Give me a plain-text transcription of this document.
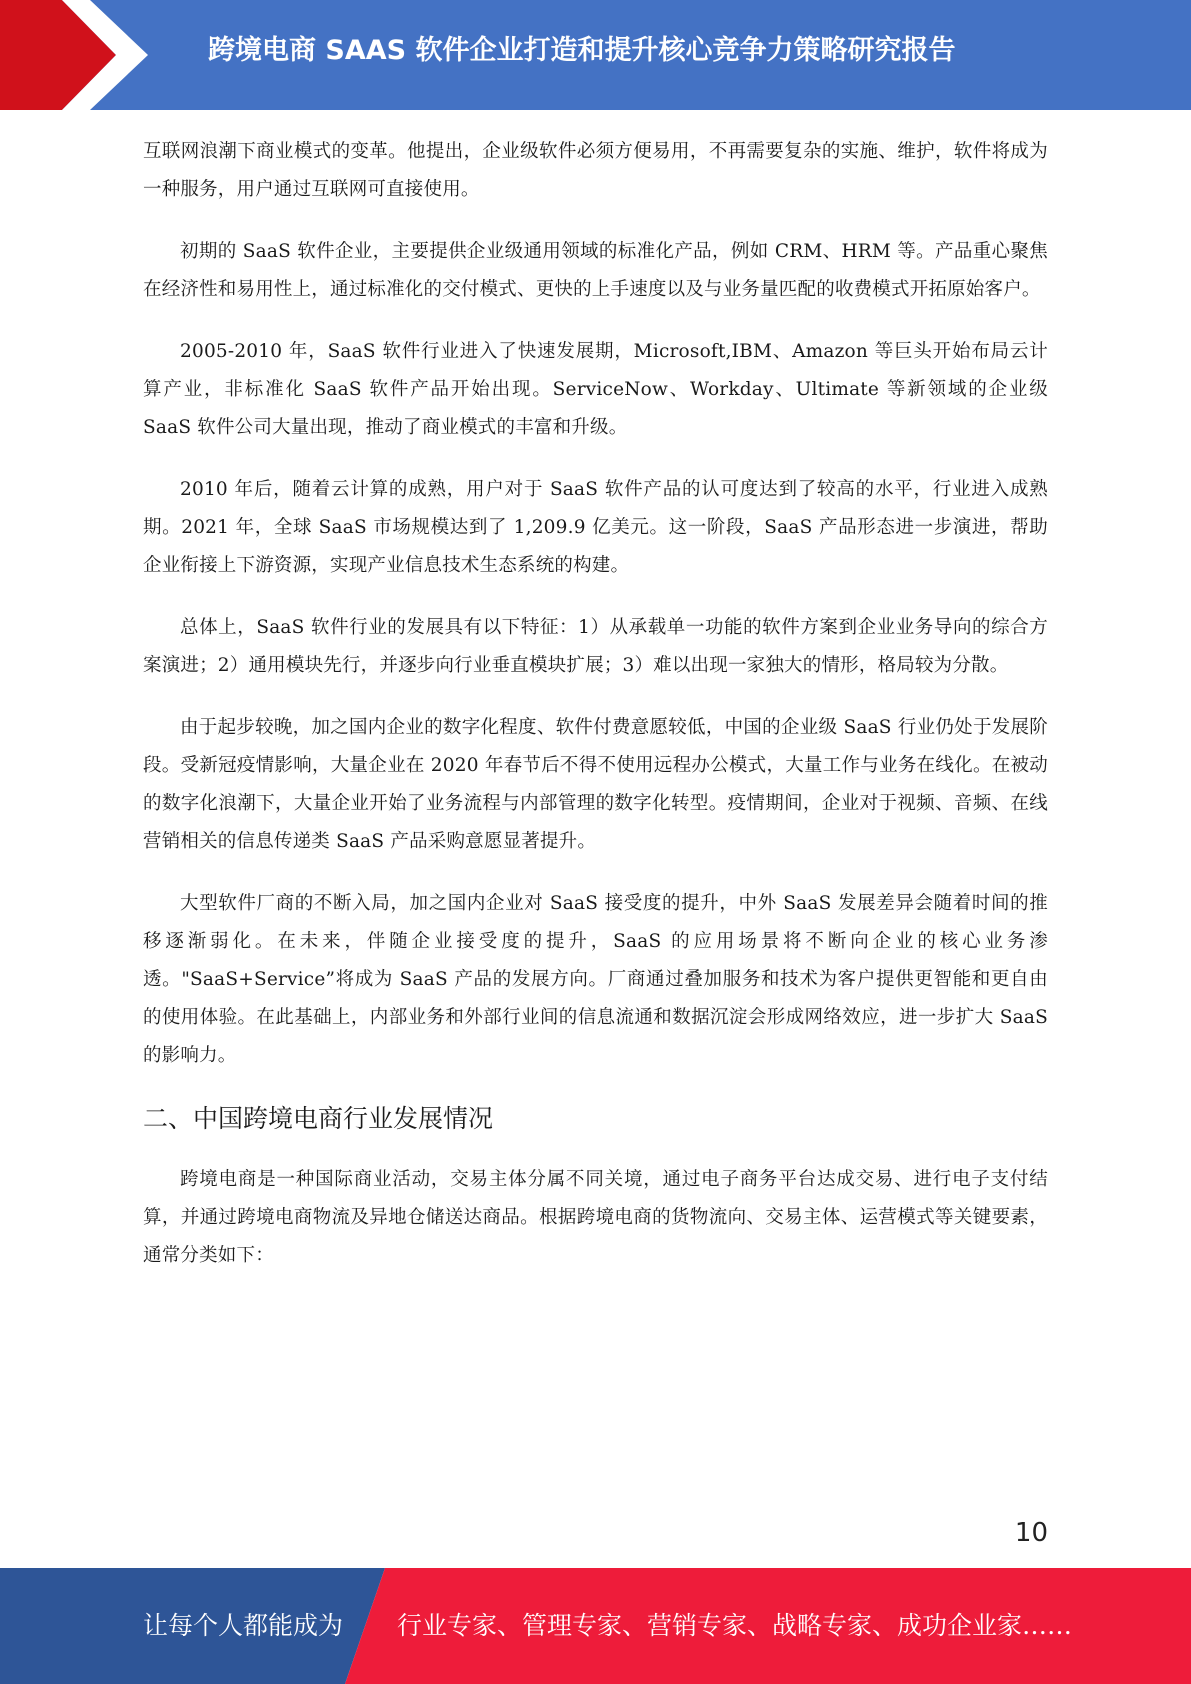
跨境电商 SAAS 软件企业打造和提升核心竞争力策略研究报告

互联网浪潮下商业模式的变革。他提出，企业级软件必须方便易用，不再需要复杂的实施、维护，软件将成为一种服务，用户通过互联网可直接使用。

初期的 SaaS 软件企业，主要提供企业级通用领域的标准化产品，例如 CRM、HRM 等。产品重心聚焦在经济性和易用性上，通过标准化的交付模式、更快的上手速度以及与业务量匹配的收费模式开拓原始客户。

2005-2010 年，SaaS 软件行业进入了快速发展期，Microsoft,IBM、Amazon 等巨头开始布局云计算产业，非标准化 SaaS 软件产品开始出现。ServiceNow、Workday、Ultimate 等新领域的企业级 SaaS 软件公司大量出现，推动了商业模式的丰富和升级。

2010 年后，随着云计算的成熟，用户对于 SaaS 软件产品的认可度达到了较高的水平，行业进入成熟期。2021 年，全球 SaaS 市场规模达到了 1,209.9 亿美元。这一阶段，SaaS 产品形态进一步演进，帮助企业衔接上下游资源，实现产业信息技术生态系统的构建。

总体上，SaaS 软件行业的发展具有以下特征：1）从承载单一功能的软件方案到企业业务导向的综合方案演进；2）通用模块先行，并逐步向行业垂直模块扩展；3）难以出现一家独大的情形，格局较为分散。

由于起步较晚，加之国内企业的数字化程度、软件付费意愿较低，中国的企业级 SaaS 行业仍处于发展阶段。受新冠疫情影响，大量企业在 2020 年春节后不得不使用远程办公模式，大量工作与业务在线化。在被动的数字化浪潮下，大量企业开始了业务流程与内部管理的数字化转型。疫情期间，企业对于视频、音频、在线营销相关的信息传递类 SaaS 产品采购意愿显著提升。

大型软件厂商的不断入局，加之国内企业对 SaaS 接受度的提升，中外 SaaS 发展差异会随着时间的推移逐渐弱化。在未来，伴随企业接受度的提升，SaaS 的应用场景将不断向企业的核心业务渗透。"SaaS+Service”将成为 SaaS 产品的发展方向。厂商通过叠加服务和技术为客户提供更智能和更自由的使用体验。在此基础上，内部业务和外部行业间的信息流通和数据沉淀会形成网络效应，进一步扩大 SaaS 的影响力。

二、中国跨境电商行业发展情况

跨境电商是一种国际商业活动，交易主体分属不同关境，通过电子商务平台达成交易、进行电子支付结算，并通过跨境电商物流及异地仓储送达商品。根据跨境电商的货物流向、交易主体、运营模式等关键要素，通常分类如下：

10
让每个人都能成为 行业专家、管理专家、营销专家、战略专家、成功企业家……
